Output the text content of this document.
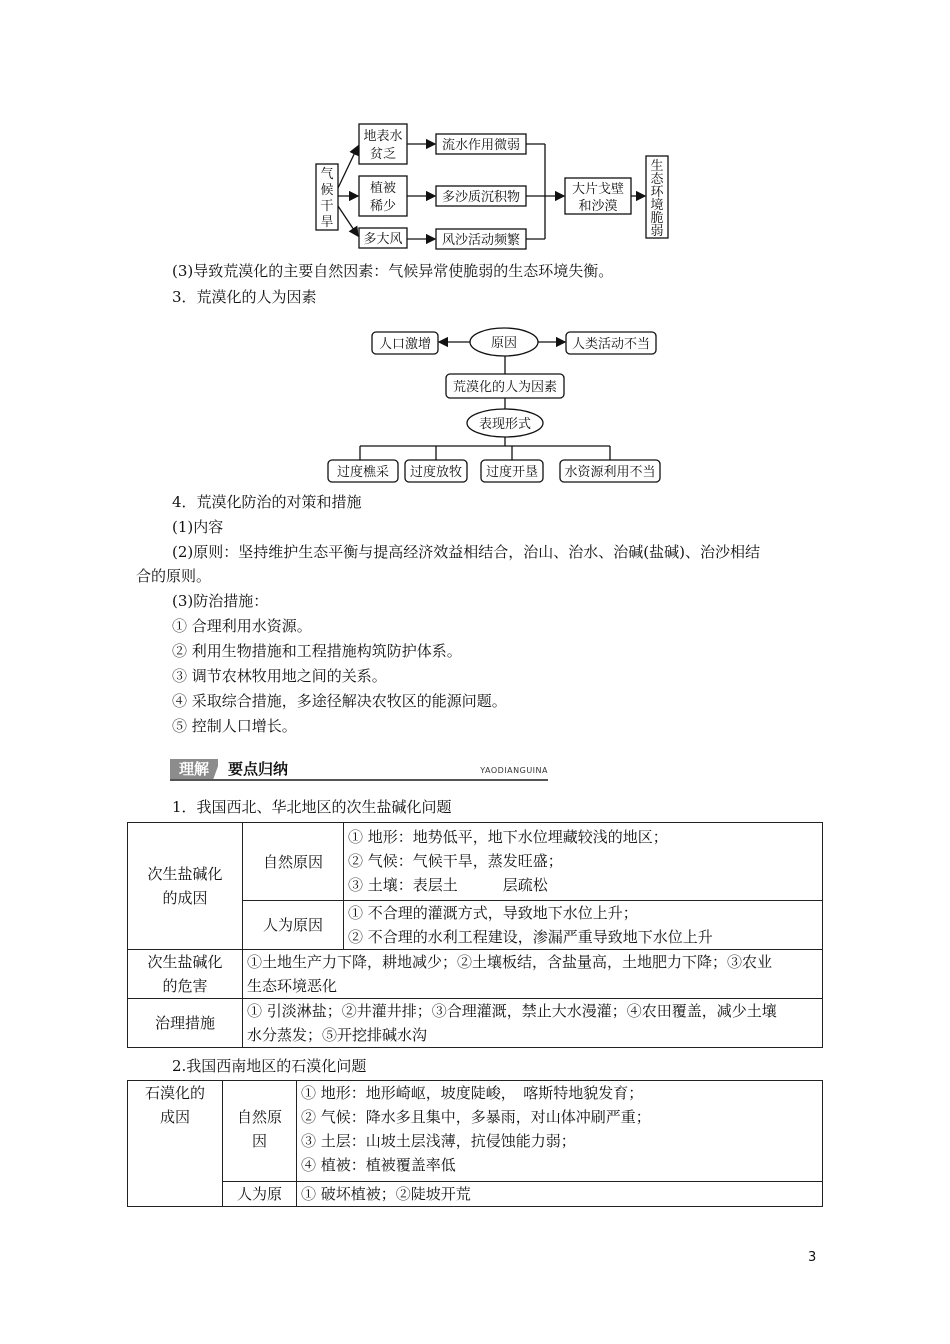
气
候
干
旱
地表水
贫乏
植被
稀少
多大风
流水作用微弱
多沙质沉积物
风沙活动频繁
大片戈壁
和沙漠
生
态
环
境
脆
弱
(3)导致荒漠化的主要自然因素：气候异常使脆弱的生态环境失衡。
3．荒漠化的人为因素
人口激增	原因	人类活动不当
荒漠化的人为因素
表现形式
过度樵采 过度放牧 过度开垦 水资源利用不当
4．荒漠化防治的对策和措施
(1)内容
(2)原则：坚持维护生态平衡与提高经济效益相结合，治山、治水、治碱(盐碱)、治沙相结
合的原则。
(3)防治措施：
① 合理利用水资源。
② 利用生物措施和工程措施构筑防护体系。
③ 调节农林牧用地之间的关系。
④ 采取综合措施，多途径解决农牧区的能源问题。
⑤ 控制人口增长。
理解	要点归纳	YAODIANGUINA
1．我国西北、华北地区的次生盐碱化问题
次生盐碱化
的成因	自然原因	① 地形：地势低平，地下水位埋藏较浅的地区；
② 气候：气候干旱，蒸发旺盛；
③ 土壤：表层土　　　层疏松
	人为原因	① 不合理的灌溉方式，导致地下水位上升；
② 不合理的水利工程建设，渗漏严重导致地下水位上升
次生盐碱化
的危害	①土地生产力下降，耕地减少；②土壤板结，含盐量高，土地肥力下降；③农业
生态环境恶化	
治理措施	① 引淡淋盐；②井灌井排；③合理灌溉，禁止大水漫灌；④农田覆盖，减少土壤
水分蒸发；⑤开挖排碱水沟	
2.我国西南地区的石漠化问题
石漠化的
成因	自然原
因	① 地形：地形崎岖，坡度陡峻，　喀斯特地貌发育；
② 气候：降水多且集中，多暴雨，对山体冲刷严重；
③ 土层：山坡土层浅薄，抗侵蚀能力弱；
④ 植被：植被覆盖率低
	人为原	① 破坏植被；②陡坡开荒
3
